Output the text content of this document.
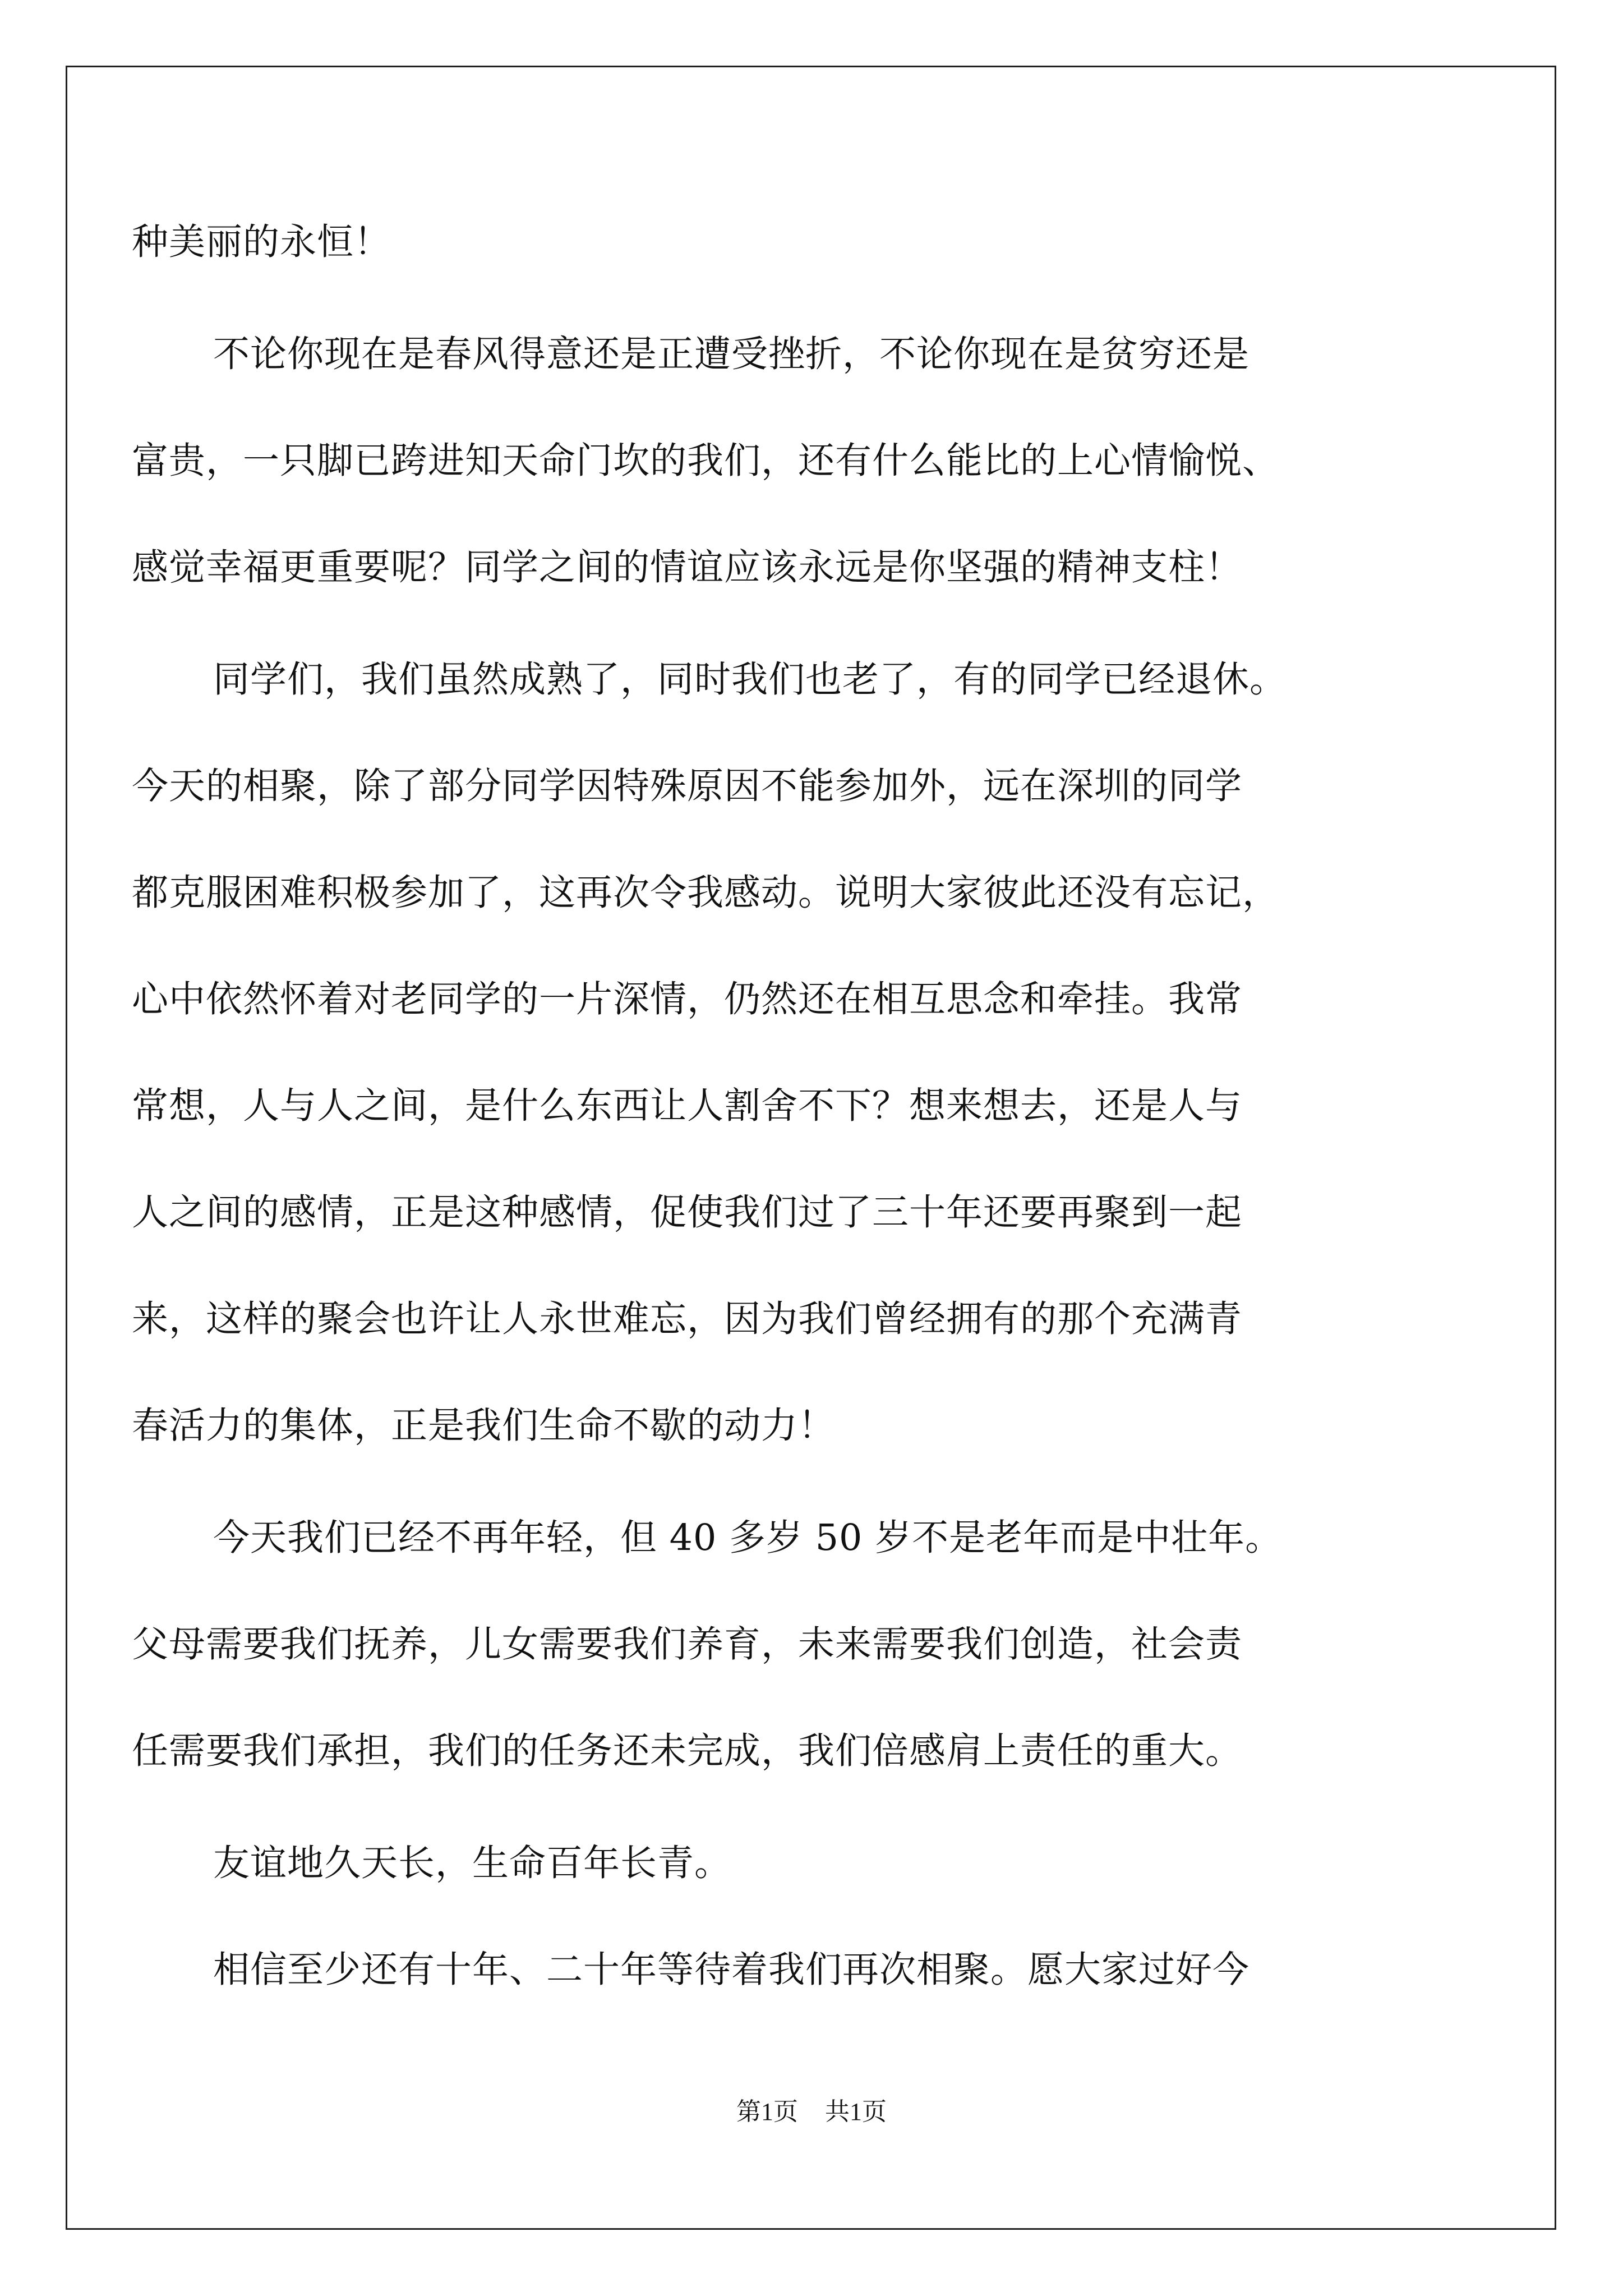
种美丽的永恒！
不论你现在是春风得意还是正遭受挫折，不论你现在是贫穷还是
富贵，一只脚已跨进知天命门坎的我们，还有什么能比的上心情愉悦、
感觉幸福更重要呢？同学之间的情谊应该永远是你坚强的精神支柱！
同学们，我们虽然成熟了，同时我们也老了，有的同学已经退休。
今天的相聚，除了部分同学因特殊原因不能参加外，远在深圳的同学
都克服困难积极参加了，这再次令我感动。说明大家彼此还没有忘记，
心中依然怀着对老同学的一片深情，仍然还在相互思念和牵挂。我常
常想，人与人之间，是什么东西让人割舍不下？想来想去，还是人与
人之间的感情，正是这种感情，促使我们过了三十年还要再聚到一起
来，这样的聚会也许让人永世难忘，因为我们曾经拥有的那个充满青
春活力的集体，正是我们生命不歇的动力！
今天我们已经不再年轻，但 40 多岁 50 岁不是老年而是中壮年。
父母需要我们抚养，儿女需要我们养育，未来需要我们创造，社会责
任需要我们承担，我们的任务还未完成，我们倍感肩上责任的重大。
友谊地久天长，生命百年长青。
相信至少还有十年、二十年等待着我们再次相聚。愿大家过好今
第1页 共1页
